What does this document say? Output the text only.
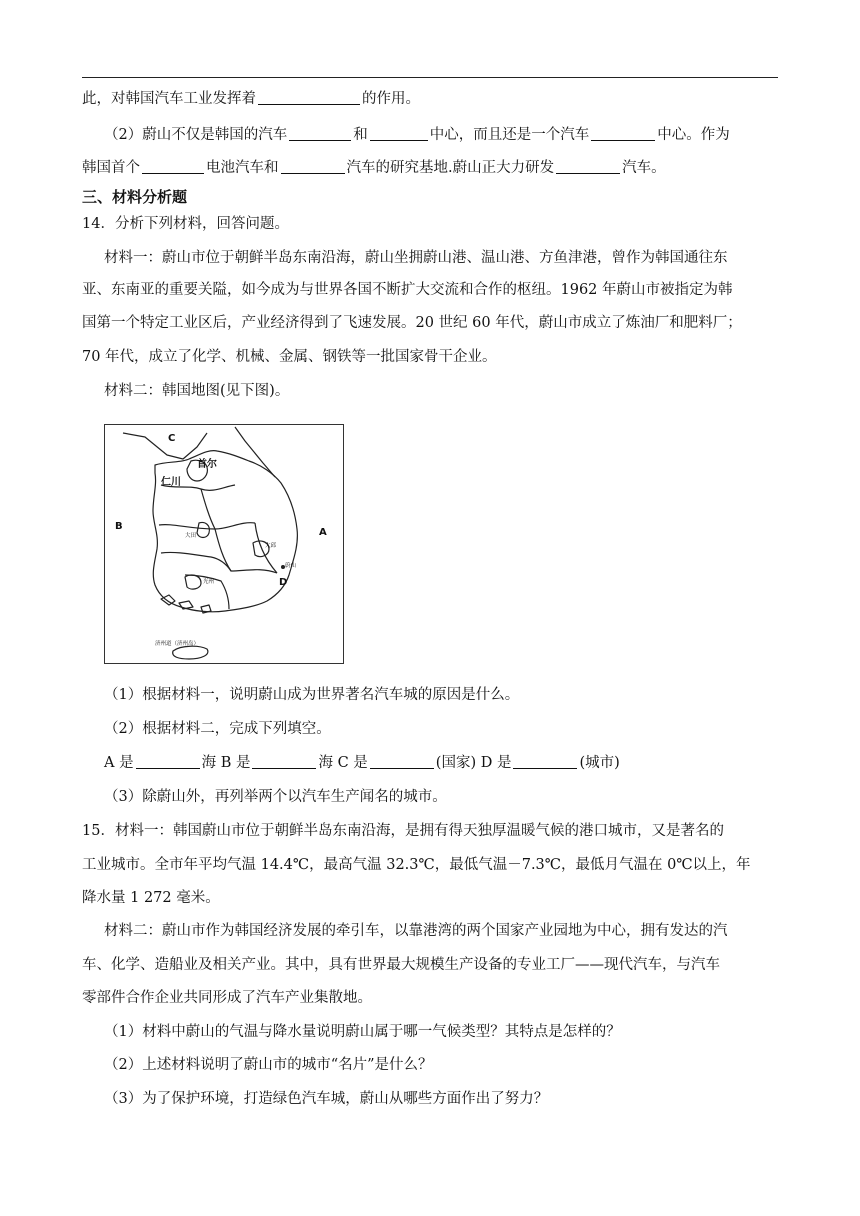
此，对韩国汽车工业发挥着	的作用。
（2）蔚山不仅是韩国的汽车	和	中心，而且还是一个汽车	中心。作为
韩国首个	电池汽车和	汽车的研究基地.蔚山正大力研发	汽车。
三、材料分析题
14．分析下列材料，回答问题。
材料一：蔚山市位于朝鲜半岛东南沿海，蔚山坐拥蔚山港、温山港、方鱼津港，曾作为韩国通往东
亚、东南亚的重要关隘，如今成为与世界各国不断扩大交流和合作的枢纽。1962 年蔚山市被指定为韩
国第一个特定工业区后，产业经济得到了飞速发展。20 世纪 60 年代，蔚山市成立了炼油厂和肥料厂；
70 年代，成立了化学、机械、金属、钢铁等一批国家骨干企业。
材料二：韩国地图(见下图)。
C
B
A
D
首尔
仁川
大田
大邱
蔚山
光州
济州道（济州岛）
（1）根据材料一，说明蔚山成为世界著名汽车城的原因是什么。
（2）根据材料二，完成下列填空。
A 是	海 B 是	海 C 是	(国家) D 是	(城市)
（3）除蔚山外，再列举两个以汽车生产闻名的城市。
15．材料一：韩国蔚山市位于朝鲜半岛东南沿海，是拥有得天独厚温暖气候的港口城市，又是著名的
工业城市。全市年平均气温 14.4℃，最高气温 32.3℃，最低气温－7.3℃，最低月气温在 0℃以上，年
降水量 1 272 毫米。
材料二：蔚山市作为韩国经济发展的牵引车，以靠港湾的两个国家产业园地为中心，拥有发达的汽
车、化学、造船业及相关产业。其中，具有世界最大规模生产设备的专业工厂——现代汽车，与汽车
零部件合作企业共同形成了汽车产业集散地。
（1）材料中蔚山的气温与降水量说明蔚山属于哪一气候类型？其特点是怎样的？
（2）上述材料说明了蔚山市的城市“名片”是什么？
（3）为了保护环境，打造绿色汽车城，蔚山从哪些方面作出了努力？
